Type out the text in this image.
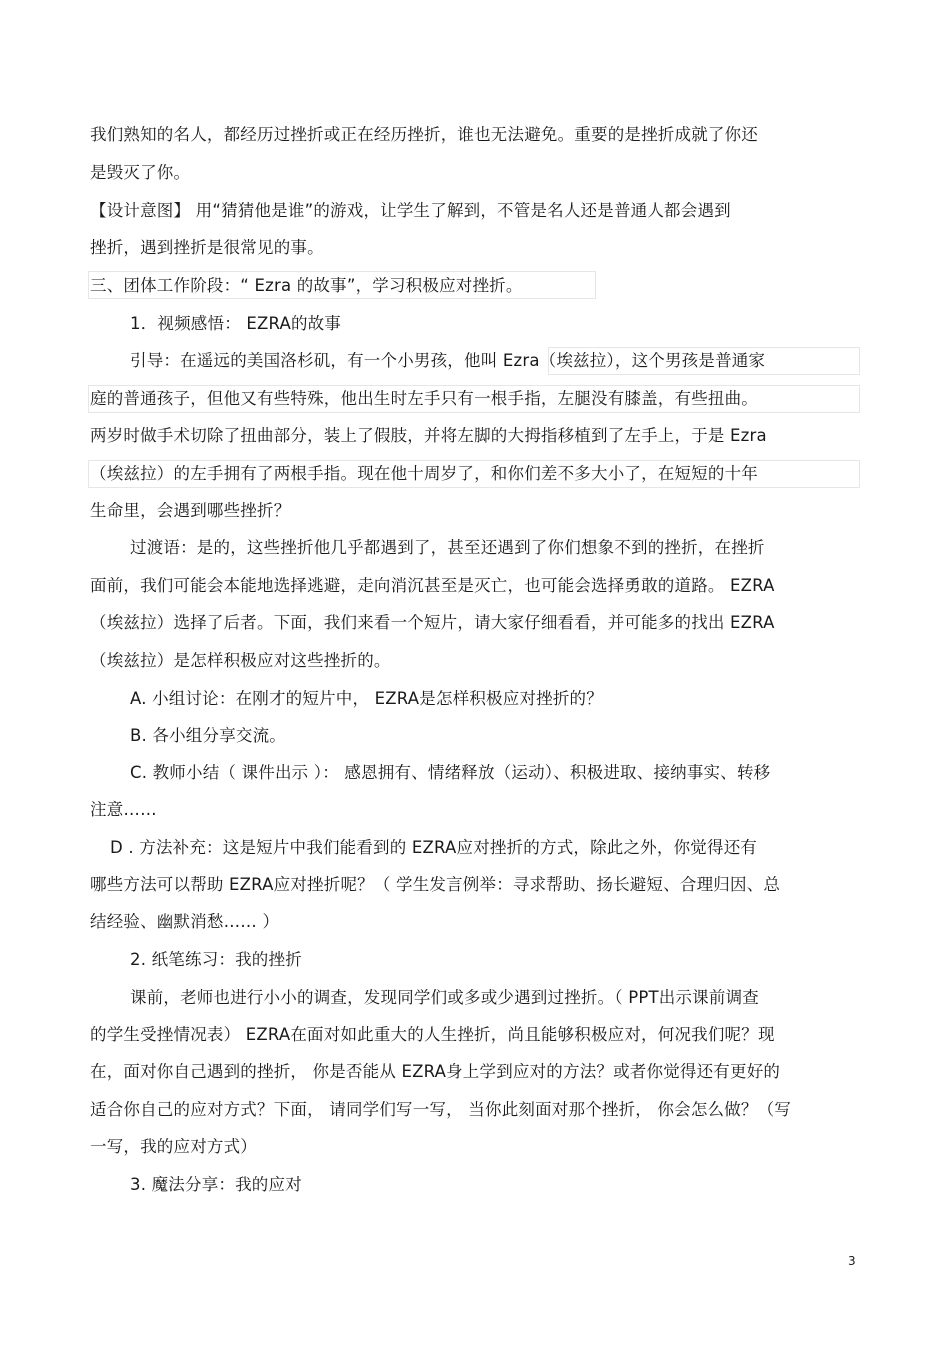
我们熟知的名人，都经历过挫折或正在经历挫折，谁也无法避免。重要的是挫折成就了你还
是毁灭了你。
【设计意图】 用“猜猜他是谁”的游戏，让学生了解到，不管是名人还是普通人都会遇到
挫折，遇到挫折是很常见的事。
三、团体工作阶段：“ Ezra 的故事”，学习积极应对挫折。
1．视频感悟： EZRA的故事
引导：在遥远的美国洛杉矶，有一个小男孩，他叫 Ezra（埃兹拉），这个男孩是普通家
庭的普通孩子，但他又有些特殊，他出生时左手只有一根手指，左腿没有膝盖，有些扭曲。
两岁时做手术切除了扭曲部分，装上了假肢，并将左脚的大拇指移植到了左手上，于是 Ezra
（埃兹拉）的左手拥有了两根手指。现在他十周岁了，和你们差不多大小了，在短短的十年
生命里，会遇到哪些挫折？
过渡语：是的，这些挫折他几乎都遇到了，甚至还遇到了你们想象不到的挫折，在挫折
面前，我们可能会本能地选择逃避，走向消沉甚至是灭亡，也可能会选择勇敢的道路。 EZRA
（埃兹拉）选择了后者。下面，我们来看一个短片，请大家仔细看看，并可能多的找出 EZRA
（埃兹拉）是怎样积极应对这些挫折的。
A. 小组讨论：在刚才的短片中， EZRA是怎样积极应对挫折的？
B. 各小组分享交流。
C. 教师小结（ 课件出示 ）： 感恩拥有、情绪释放（运动）、积极进取、接纳事实、转移
注意……
D . 方法补充：这是短片中我们能看到的 EZRA应对挫折的方式，除此之外，你觉得还有
哪些方法可以帮助 EZRA应对挫折呢？（ 学生发言例举：寻求帮助、扬长避短、合理归因、总
结经验、幽默消愁…… ）
2. 纸笔练习：我的挫折
课前，老师也进行小小的调查，发现同学们或多或少遇到过挫折。（ PPT出示课前调查
的学生受挫情况表） EZRA在面对如此重大的人生挫折，尚且能够积极应对，何况我们呢？现
在，面对你自己遇到的挫折， 你是否能从 EZRA身上学到应对的方法？或者你觉得还有更好的
适合你自己的应对方式？下面， 请同学们写一写， 当你此刻面对那个挫折， 你会怎么做？（写
一写，我的应对方式）
3. 魔法分享：我的应对
3
